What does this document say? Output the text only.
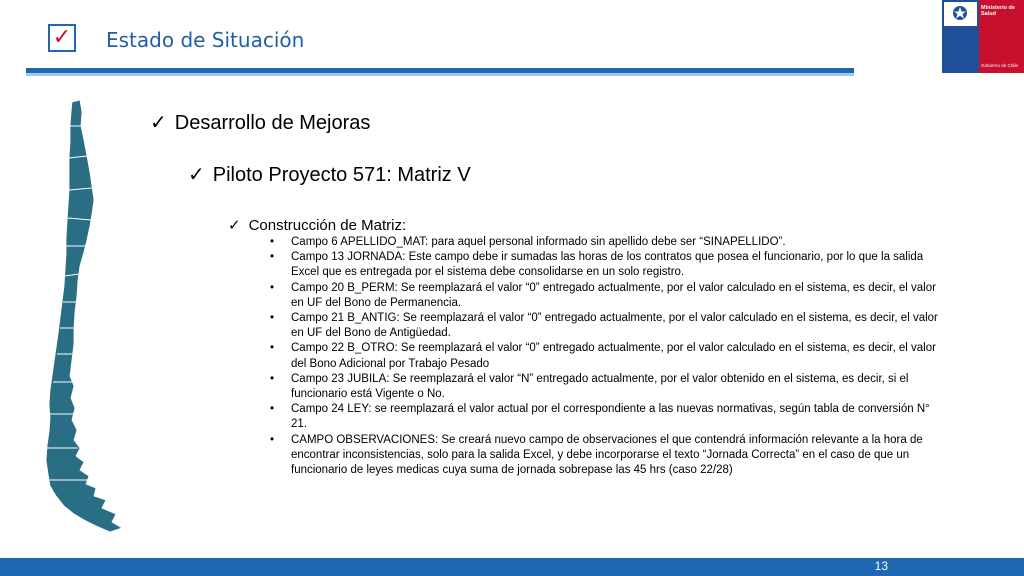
✓ Estado de Situación
Ministerio de
Salud
Gobierno de Chile
✓ Desarrollo de Mejoras
✓ Piloto Proyecto 571: Matriz V
✓ Construcción de Matriz:
• Campo 6 APELLIDO_MAT: para aquel personal informado sin apellido debe ser “SINAPELLIDO”.
• Campo 13 JORNADA: Este campo debe ir sumadas las horas de los contratos que posea el funcionario, por lo que la salida Excel que es entregada por el sistema debe consolidarse en un solo registro.
• Campo 20 B_PERM: Se reemplazará el valor “0” entregado actualmente, por el valor calculado en el sistema, es decir, el valor en UF del Bono de Permanencia.
• Campo 21 B_ANTIG: Se reemplazará el valor “0” entregado actualmente, por el valor calculado en el sistema, es decir, el valor en UF del Bono de Antigüedad.
• Campo 22 B_OTRO: Se reemplazará el valor “0” entregado actualmente, por el valor calculado en el sistema, es decir, el valor del Bono Adicional por Trabajo Pesado
• Campo 23 JUBILA: Se reemplazará el valor “N” entregado actualmente, por el valor obtenido en el sistema, es decir, si el funcionario está Vigente o No.
• Campo 24 LEY: se reemplazará el valor actual por el correspondiente a las nuevas normativas, según tabla de conversión N° 21.
• CAMPO OBSERVACIONES: Se creará nuevo campo de observaciones el que contendrá información relevante a la hora de encontrar inconsistencias, solo para la salida Excel, y debe incorporarse el texto “Jornada Correcta” en el caso de que un funcionario de leyes medicas cuya suma de jornada sobrepase las 45 hrs (caso 22/28)
13
